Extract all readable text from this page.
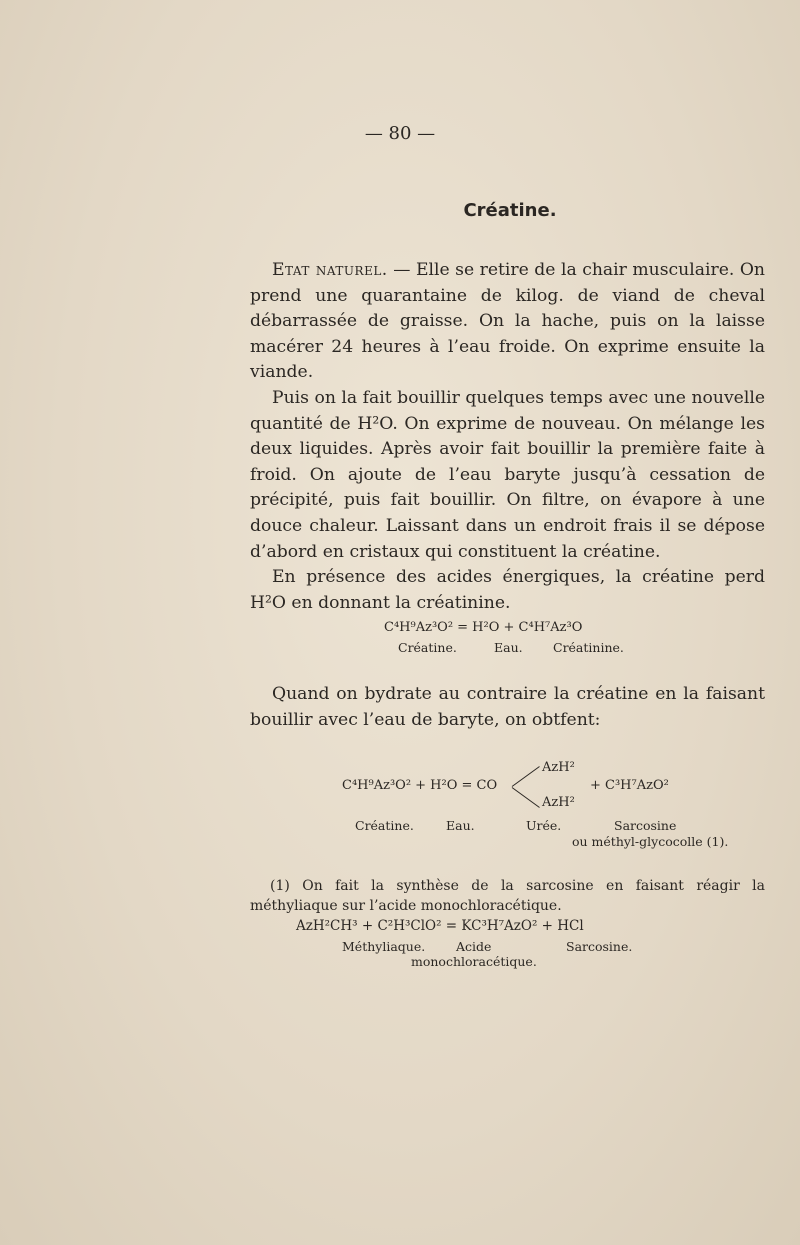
— 80 —
Créatine.

Etat naturel. — Elle se retire de la chair musculaire. On prend une quarantaine de kilog. de viand de cheval débarrassée de graisse. On la hache, puis on la laisse macérer 24 heures à l’eau froide. On exprime ensuite la viande.

Puis on la fait bouillir quelques temps avec une nouvelle quantité de H²O. On exprime de nouveau. On mélange les deux liquides. Après avoir fait bouillir la première faite à froid. On ajoute de l’eau baryte jusqu’à cessation de précipité, puis fait bouillir. On filtre, on évapore à une douce chaleur. Laissant dans un endroit frais il se dépose d’abord en cristaux qui constituent la créatine.

En présence des acides énergiques, la créatine perd H²O en donnant la créatinine.

C⁴H⁹Az³O² = H²O + C⁴H⁷Az³O
Créatine.	Eau. Créatinine.

Quand on bydrate au contraire la créatine en la faisant bouillir avec l’eau de baryte, on obtfent:

C⁴H⁹Az³O² + H²O = CO
AzH²
AzH²
+ C³H⁷AzO²
Créatine.	Eau.	Urée.	Sarcosine
ou méthyl-glycocolle (1).

(1) On fait la synthèse de la sarcosine en faisant réagir la méthyliaque sur l’acide monochloracétique.

AzH²CH³ + C²H³ClO² = KC³H⁷AzO² + HCl
Méthyliaque. Acide
monochloracétique.
Sarcosine.
